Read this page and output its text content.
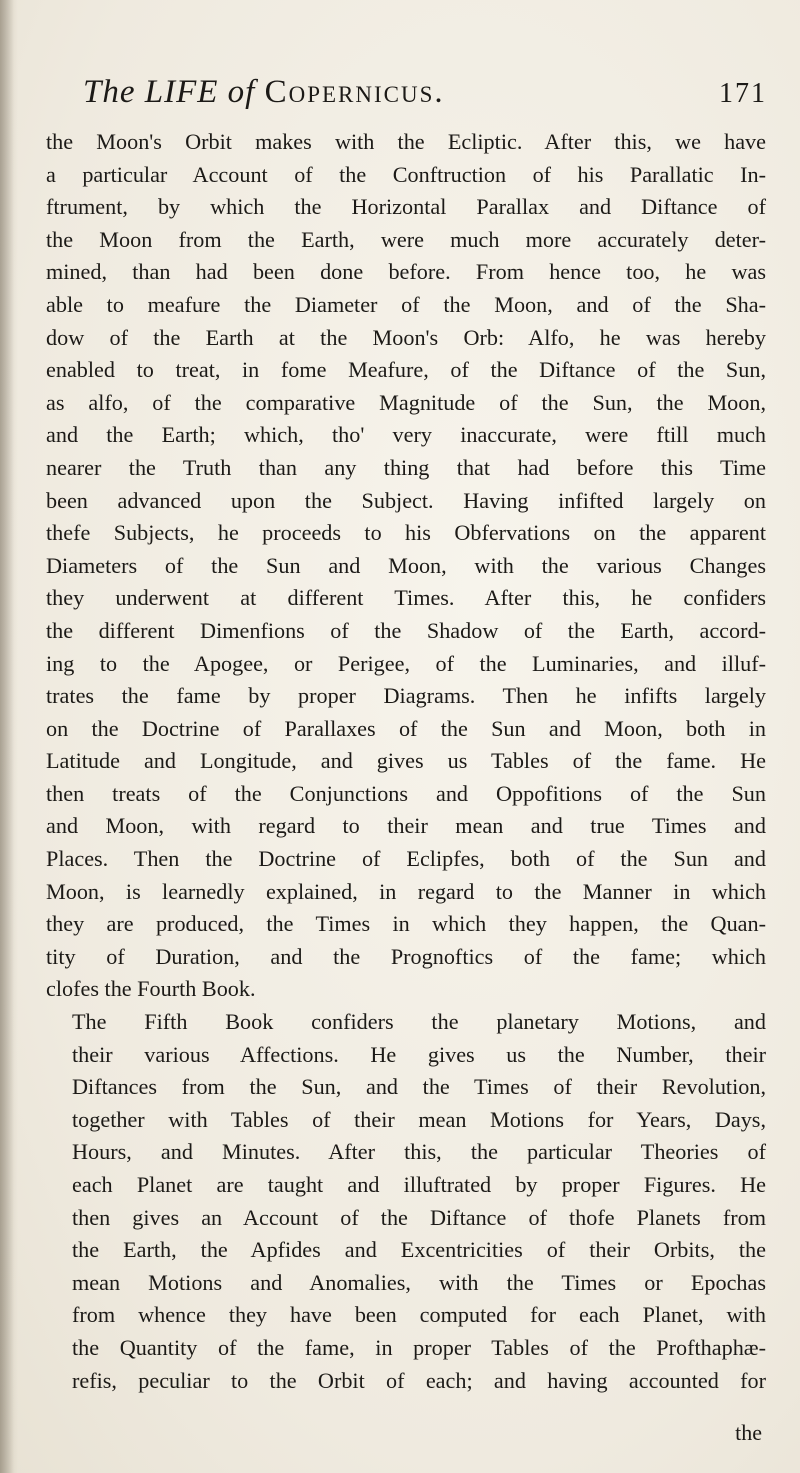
The LIFE of Copernicus.	171

the Moon's Orbit makes with the Ecliptic. After this, we have
a particular Account of the Conftruction of his Parallatic In-
ftrument, by which the Horizontal Parallax and Diftance of
the Moon from the Earth, were much more accurately deter-
mined, than had been done before. From hence too, he was
able to meafure the Diameter of the Moon, and of the Sha-
dow of the Earth at the Moon's Orb: Alfo, he was hereby
enabled to treat, in fome Meafure, of the Diftance of the Sun,
as alfo, of the comparative Magnitude of the Sun, the Moon,
and the Earth; which, tho' very inaccurate, were ftill much
nearer the Truth than any thing that had before this Time
been advanced upon the Subject. Having infifted largely on
thefe Subjects, he proceeds to his Obfervations on the apparent
Diameters of the Sun and Moon, with the various Changes
they underwent at different Times. After this, he confiders
the different Dimenfions of the Shadow of the Earth, accord-
ing to the Apogee, or Perigee, of the Luminaries, and illuf-
trates the fame by proper Diagrams. Then he infifts largely
on the Doctrine of Parallaxes of the Sun and Moon, both in
Latitude and Longitude, and gives us Tables of the fame. He
then treats of the Conjunctions and Oppofitions of the Sun
and Moon, with regard to their mean and true Times and
Places. Then the Doctrine of Eclipfes, both of the Sun and
Moon, is learnedly explained, in regard to the Manner in which
they are produced, the Times in which they happen, the Quan-
tity of Duration, and the Prognoftics of the fame; which
clofes the Fourth Book.

The Fifth Book confiders the planetary Motions, and
their various Affections. He gives us the Number, their
Diftances from the Sun, and the Times of their Revolution,
together with Tables of their mean Motions for Years, Days,
Hours, and Minutes. After this, the particular Theories of
each Planet are taught and illuftrated by proper Figures. He
then gives an Account of the Diftance of thofe Planets from
the Earth, the Apfides and Excentricities of their Orbits, the
mean Motions and Anomalies, with the Times or Epochas
from whence they have been computed for each Planet, with
the Quantity of the fame, in proper Tables of the Profthaphæ-
refis, peculiar to the Orbit of each; and having accounted for

the
